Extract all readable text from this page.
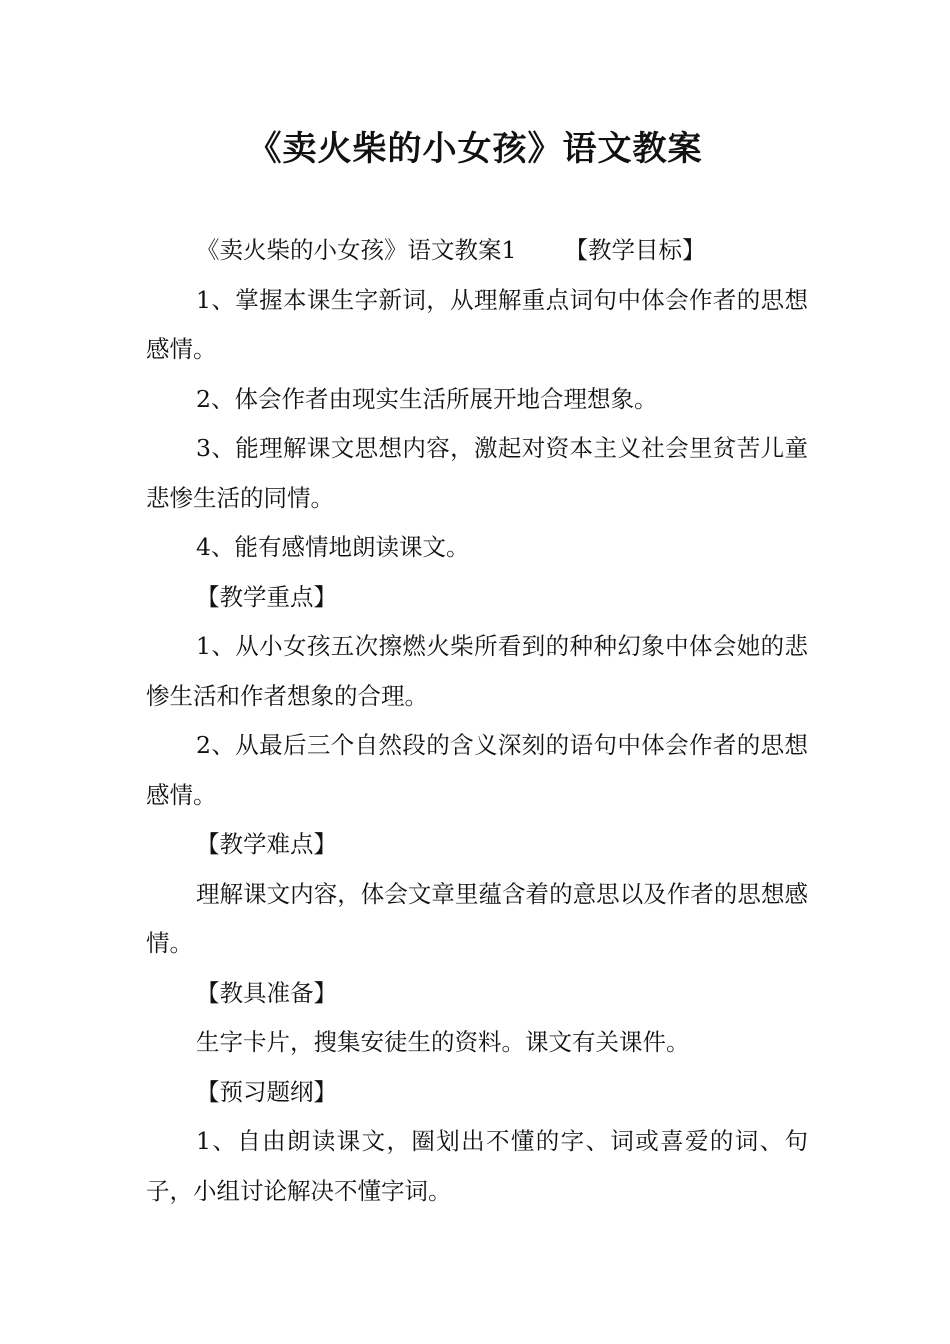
《卖火柴的小女孩》语文教案

《卖火柴的小女孩》语文教案1 【教学目标】

1、掌握本课生字新词，从理解重点词句中体会作者的思想感情。

2、体会作者由现实生活所展开地合理想象。

3、能理解课文思想内容，激起对资本主义社会里贫苦儿童悲惨生活的同情。

4、能有感情地朗读课文。

【教学重点】

1、从小女孩五次擦燃火柴所看到的种种幻象中体会她的悲惨生活和作者想象的合理。

2、从最后三个自然段的含义深刻的语句中体会作者的思想感情。

【教学难点】

理解课文内容，体会文章里蕴含着的意思以及作者的思想感情。

【教具准备】

生字卡片，搜集安徒生的资料。课文有关课件。

【预习题纲】

1、自由朗读课文，圈划出不懂的字、词或喜爱的词、句子，小组讨论解决不懂字词。
